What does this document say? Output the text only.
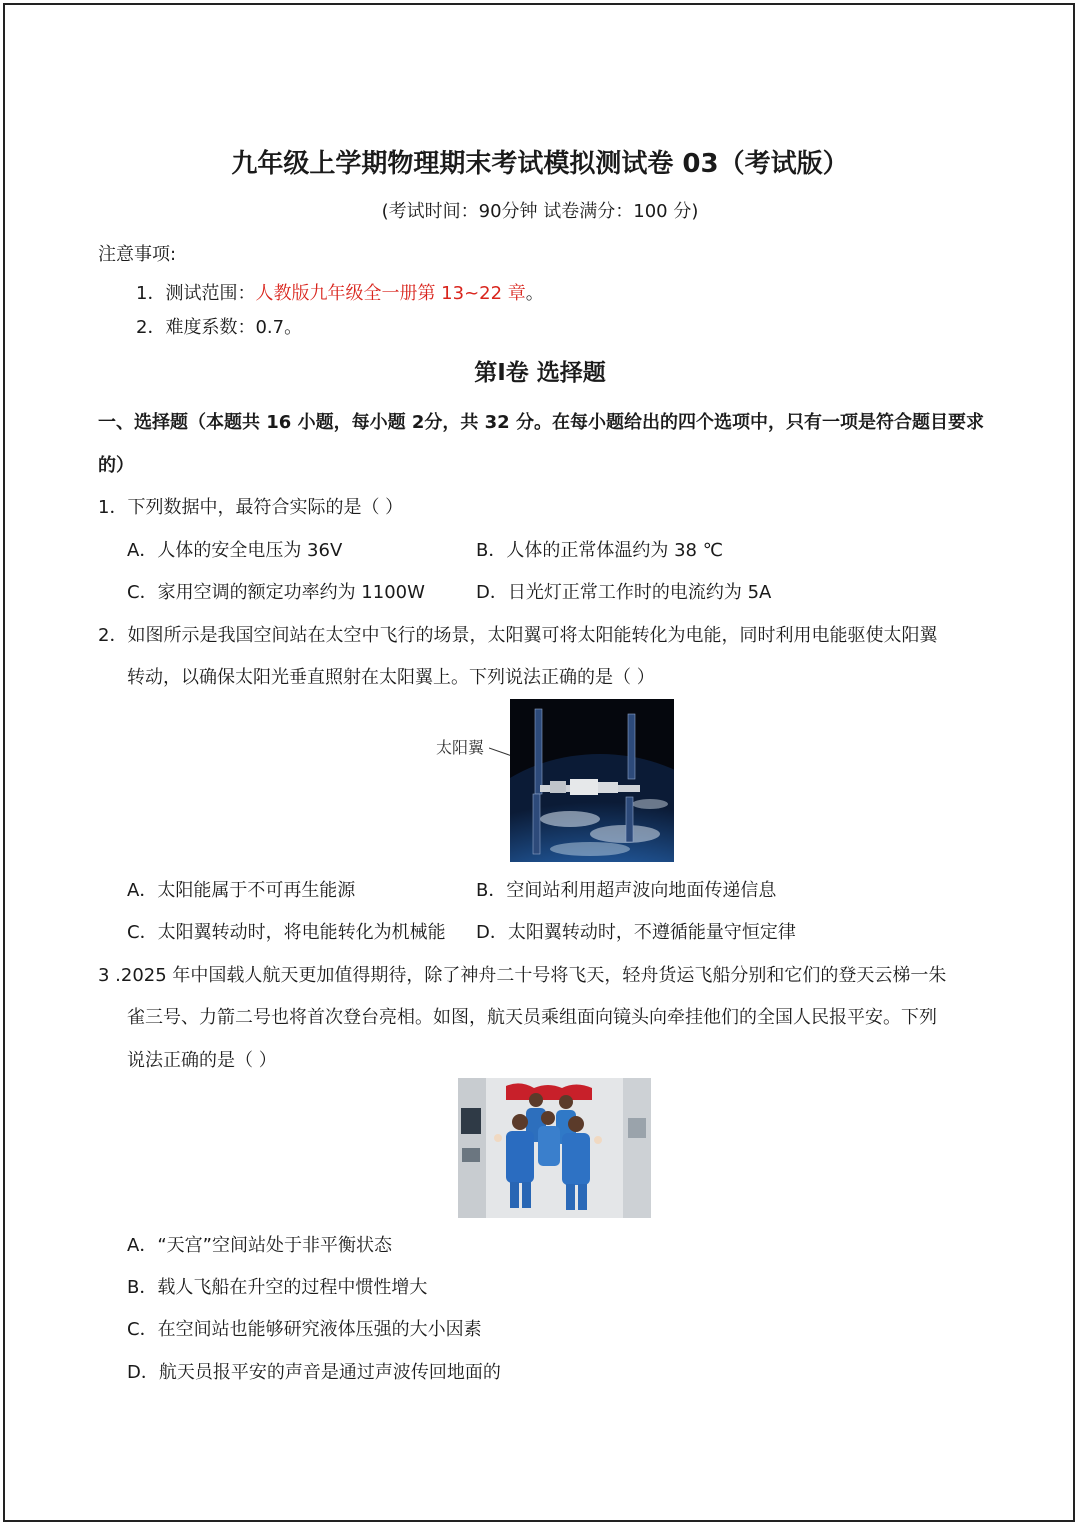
九年级上学期物理期末考试模拟测试卷 03（考试版）
(考试时间：90分钟 试卷满分：100 分)
注意事项:
1．测试范围：人教版九年级全一册第 13~22 章。
2．难度系数：0.7。
第I卷 选择题
一、选择题（本题共 16 小题，每小题 2分，共 32 分。在每小题给出的四个选项中，只有一项是符合题目要求
的）
1．下列数据中，最符合实际的是（ ）
A．人体的安全电压为 36V	B．人体的正常体温约为 38 ℃
C．家用空调的额定功率约为 1100W	D．日光灯正常工作时的电流约为 5A
2．如图所示是我国空间站在太空中飞行的场景，太阳翼可将太阳能转化为电能，同时利用电能驱使太阳翼
转动，以确保太阳光垂直照射在太阳翼上。下列说法正确的是（ ）
太阳翼
A．太阳能属于不可再生能源	B．空间站利用超声波向地面传递信息
C．太阳翼转动时，将电能转化为机械能 D．太阳翼转动时，不遵循能量守恒定律
3 .2025 年中国载人航天更加值得期待，除了神舟二十号将飞天，轻舟货运飞船分别和它们的登天云梯一朱
雀三号、力箭二号也将首次登台亮相。如图，航天员乘组面向镜头向牵挂他们的全国人民报平安。下列
说法正确的是（ ）
A．“天宫”空间站处于非平衡状态
B．载人飞船在升空的过程中惯性增大
C．在空间站也能够研究液体压强的大小因素
D．航天员报平安的声音是通过声波传回地面的
